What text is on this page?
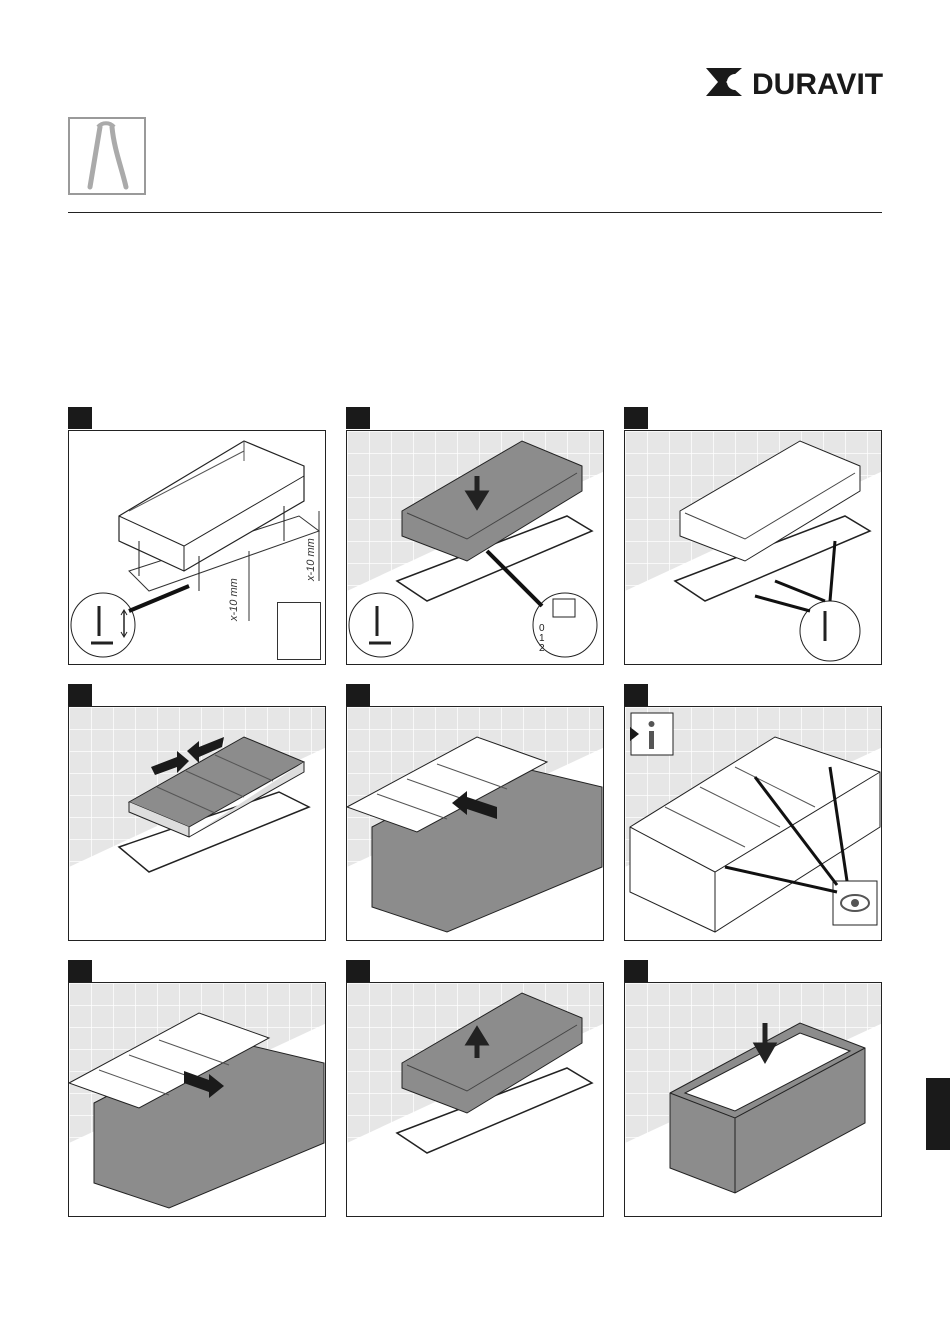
DURAVIT
x-10 mm
x-10 mm
0
1
2
